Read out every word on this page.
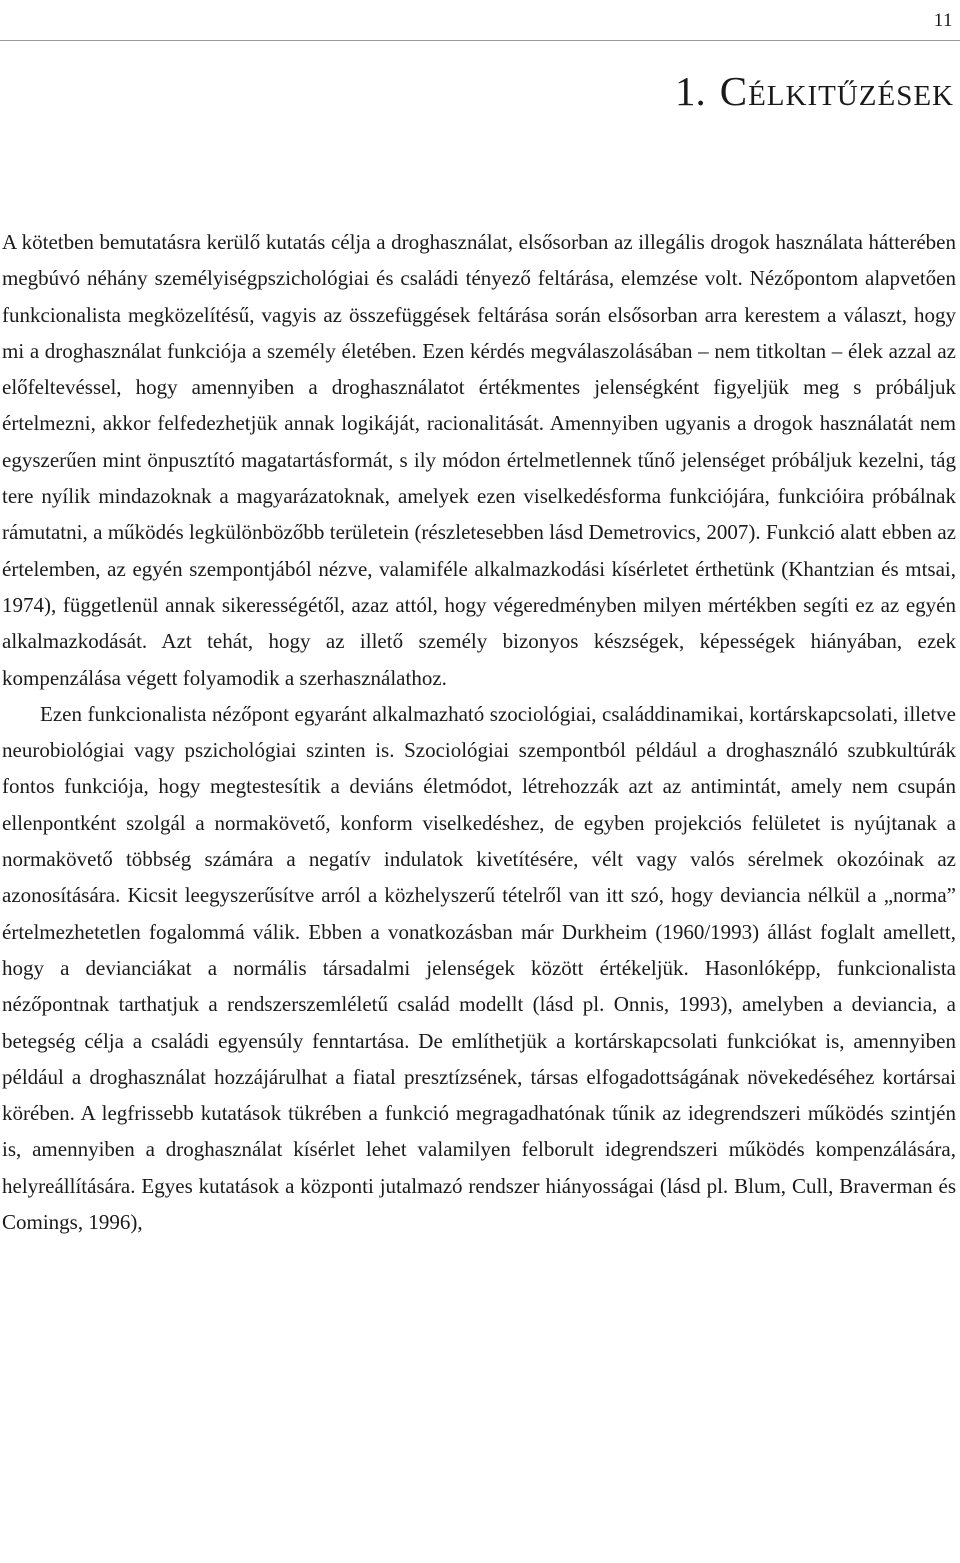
11
1. Célkitűzések

A kötetben bemutatásra kerülő kutatás célja a droghasználat, elsősorban az illegális drogok használata hátterében megbúvó néhány személyiségpszichológiai és családi tényező feltárása, elemzése volt. Nézőpontom alapvetően funkcionalista megközelítésű, vagyis az összefüggések feltárása során elsősorban arra kerestem a választ, hogy mi a droghasználat funkciója a személy életében. Ezen kérdés megválaszolásában – nem titkoltan – élek azzal az előfeltevéssel, hogy amennyiben a droghasználatot értékmentes jelenségként figyeljük meg s próbáljuk értelmezni, akkor felfedezhetjük annak logikáját, racionalitását. Amennyiben ugyanis a drogok használatát nem egyszerűen mint önpusztító magatartásformát, s ily módon értelmetlennek tűnő jelenséget próbáljuk kezelni, tág tere nyílik mindazoknak a magyarázatoknak, amelyek ezen viselkedésforma funkciójára, funkcióira próbálnak rámutatni, a működés legkülönbözőbb területein (részletesebben lásd Demetrovics, 2007). Funkció alatt ebben az értelemben, az egyén szempontjából nézve, valamiféle alkalmazkodási kísérletet érthetünk (Khantzian és mtsai, 1974), függetlenül annak sikerességétől, azaz attól, hogy végeredményben milyen mértékben segíti ez az egyén alkalmazkodását. Azt tehát, hogy az illető személy bizonyos készségek, képességek hiányában, ezek kompenzálása végett folyamodik a szerhasználathoz.

Ezen funkcionalista nézőpont egyaránt alkalmazható szociológiai, családdinamikai, kortárskapcsolati, illetve neurobiológiai vagy pszichológiai szinten is. Szociológiai szempontból például a droghasználó szubkultúrák fontos funkciója, hogy megtestesítik a deviáns életmódot, létrehozzák azt az antimintát, amely nem csupán ellenpontként szolgál a normakövető, konform viselkedéshez, de egyben projekciós felületet is nyújtanak a normakövető többség számára a negatív indulatok kivetítésére, vélt vagy valós sérelmek okozóinak az azonosítására. Kicsit leegyszerűsítve arról a közhelyszerű tételről van itt szó, hogy deviancia nélkül a „norma” értelmezhetetlen fogalommá válik. Ebben a vonatkozásban már Durkheim (1960/1993) állást foglalt amellett, hogy a devianciákat a normális társadalmi jelenségek között értékeljük. Hasonlóképp, funkcionalista nézőpontnak tarthatjuk a rendszerszemléletű család modellt (lásd pl. Onnis, 1993), amelyben a deviancia, a betegség célja a családi egyensúly fenntartása. De említhetjük a kortárskapcsolati funkciókat is, amennyiben például a droghasználat hozzájárulhat a fiatal presztízsének, társas elfogadottságának növekedéséhez kortársai körében. A legfrissebb kutatások tükrében a funkció megragadhatónak tűnik az idegrendszeri működés szintjén is, amennyiben a droghasználat kísérlet lehet valamilyen felborult idegrendszeri működés kompenzálására, helyreállítására. Egyes kutatások a központi jutalmazó rendszer hiányosságai (lásd pl. Blum, Cull, Braverman és Comings, 1996),
